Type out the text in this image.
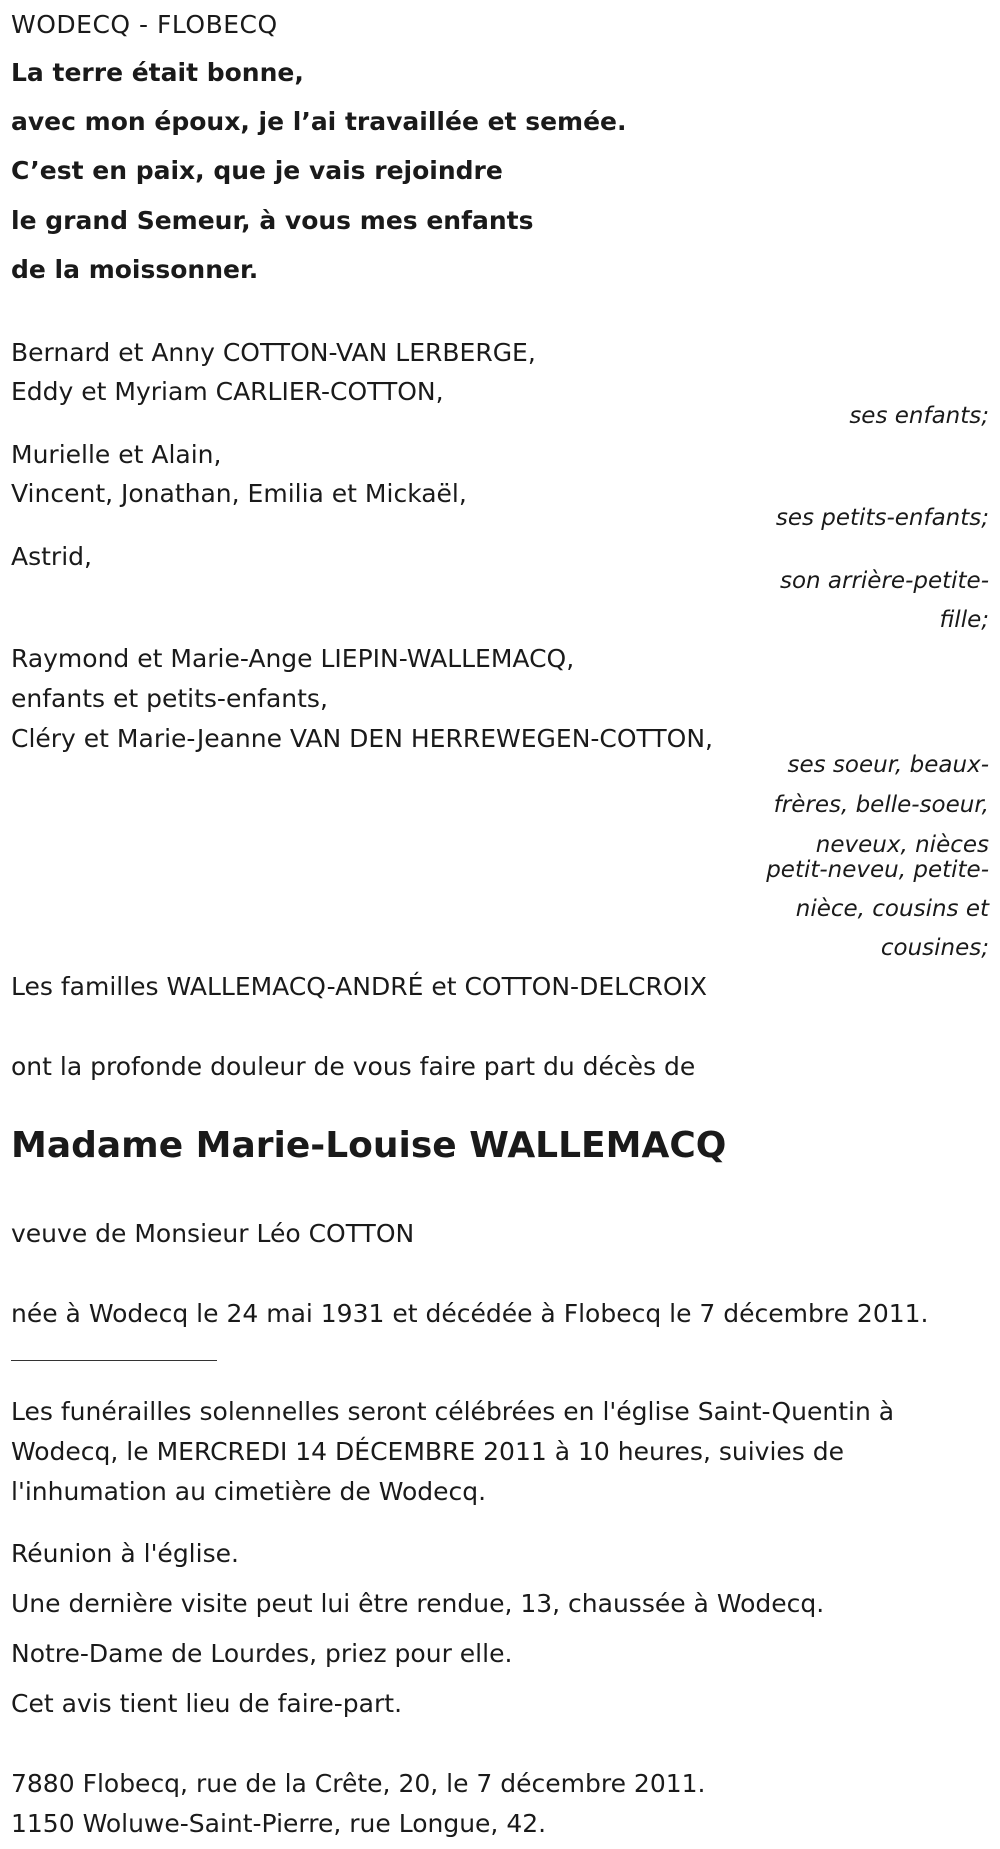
WODECQ - FLOBECQ

La terre était bonne,

avec mon époux, je l’ai travaillée et semée.

C’est en paix, que je vais rejoindre

le grand Semeur, à vous mes enfants

de la moissonner.

Bernard et Anny COTTON-VAN LERBERGE,

Eddy et Myriam CARLIER-COTTON,

ses enfants;

Murielle et Alain,

Vincent, Jonathan, Emilia et Mickaël,

ses petits-enfants;

Astrid,

son arrière-petite-

fille;

Raymond et Marie-Ange LIEPIN-WALLEMACQ,

enfants et petits-enfants,

Cléry et Marie-Jeanne VAN DEN HERREWEGEN-COTTON,

ses soeur, beaux-

frères, belle-soeur,

neveux, nièces

petit-neveu, petite-

nièce, cousins et

cousines;

Les familles WALLEMACQ-ANDRÉ et COTTON-DELCROIX

ont la profonde douleur de vous faire part du décès de

Madame Marie-Louise WALLEMACQ

veuve de Monsieur Léo COTTON

née à Wodecq le 24 mai 1931 et décédée à Flobecq le 7 décembre 2011.

Les funérailles solennelles seront célébrées en l'église Saint-Quentin à Wodecq, le MERCREDI 14 DÉCEMBRE 2011 à 10 heures, suivies de l'inhumation au cimetière de Wodecq.

Réunion à l'église.

Une dernière visite peut lui être rendue, 13, chaussée à Wodecq.

Notre-Dame de Lourdes, priez pour elle.

Cet avis tient lieu de faire-part.

7880 Flobecq, rue de la Crête, 20, le 7 décembre 2011.

1150 Woluwe-Saint-Pierre, rue Longue, 42.
